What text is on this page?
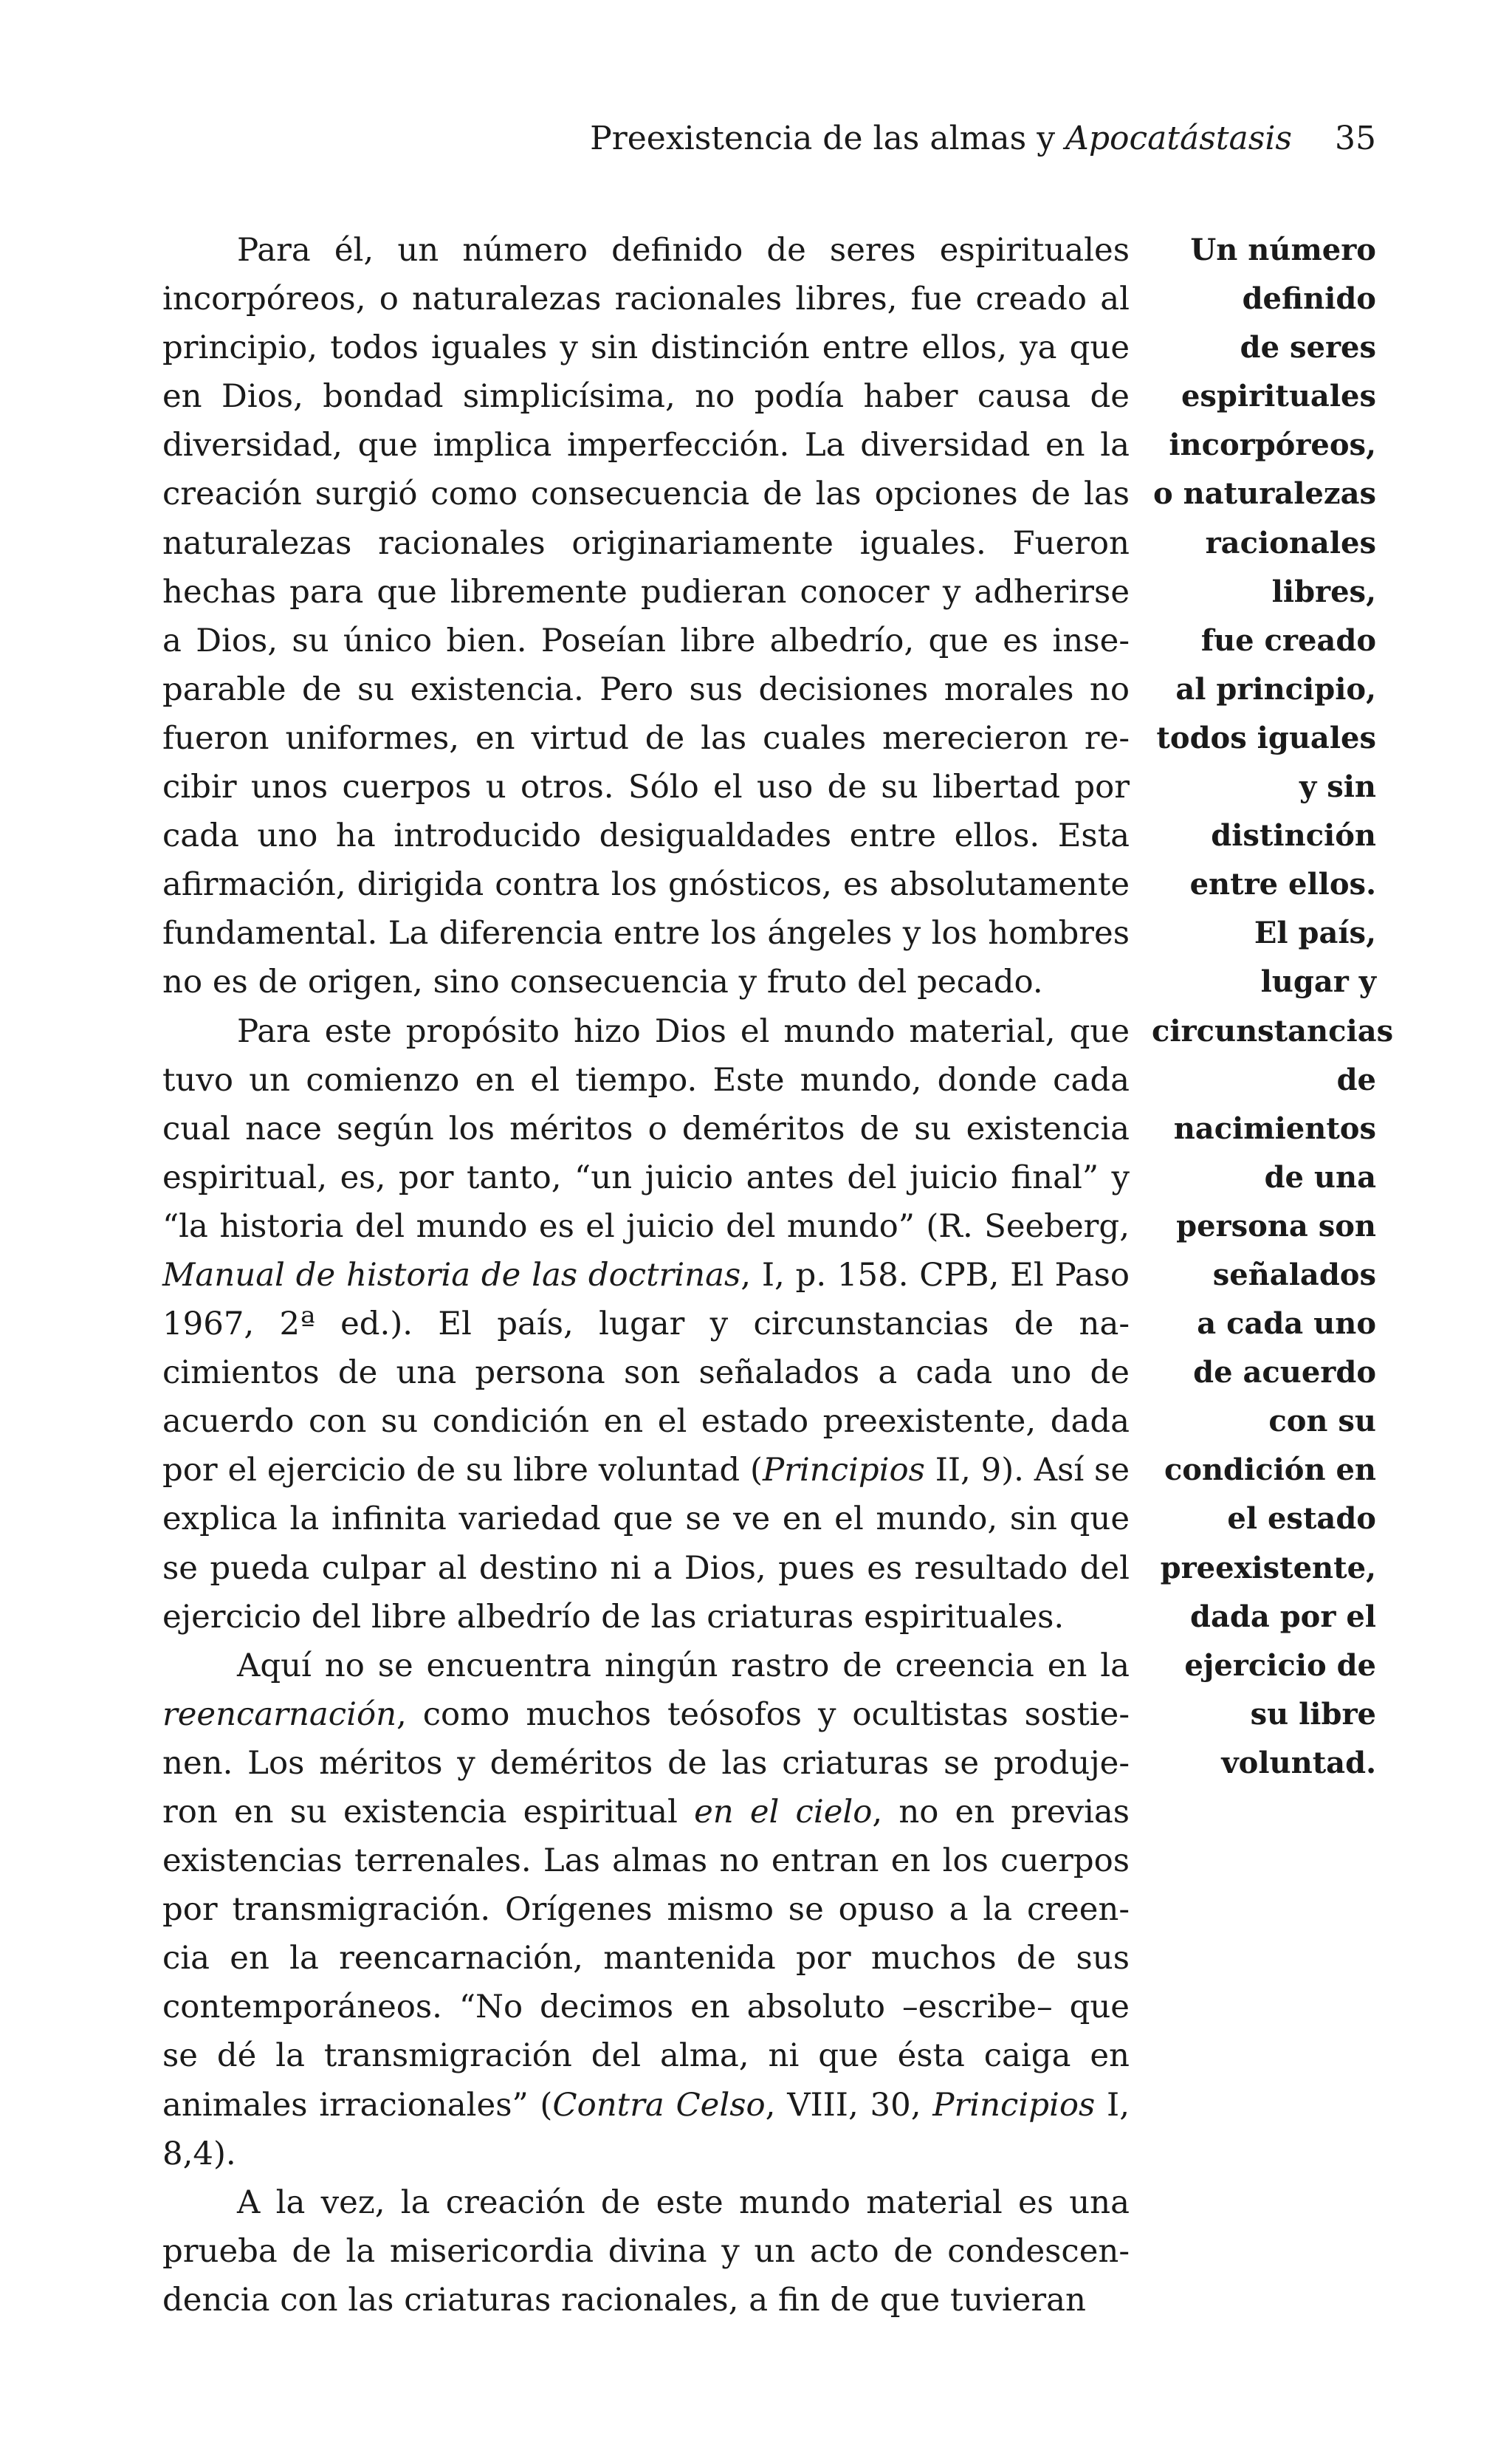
Preexistencia de las almas y Apocatástasis 35

Para él, un número definido de seres espirituales incorpóreos, o naturalezas racionales libres, fue creado al principio, todos iguales y sin distinción entre ellos, ya que en Dios, bondad simplicísima, no podía haber causa de diversidad, que implica imperfección. La diversidad en la creación surgió como consecuencia de las opciones de las naturalezas racionales originariamente iguales. Fueron hechas para que libremente pudieran conocer y adherirse a Dios, su único bien. Poseían libre albedrío, que es inseparable de su existencia. Pero sus decisiones morales no fueron uniformes, en virtud de las cuales merecieron recibir unos cuerpos u otros. Sólo el uso de su libertad por cada uno ha introducido desigualdades entre ellos. Esta afirmación, dirigida contra los gnósticos, es absolutamente fundamental. La diferencia entre los ángeles y los hombres no es de origen, sino consecuencia y fruto del pecado.

Para este propósito hizo Dios el mundo material, que tuvo un comienzo en el tiempo. Este mundo, donde cada cual nace según los méritos o deméritos de su existencia espiritual, es, por tanto, “un juicio antes del juicio final” y “la historia del mundo es el juicio del mundo” (R. Seeberg, Manual de historia de las doctrinas, I, p. 158. CPB, El Paso 1967, 2ª ed.). El país, lugar y circunstancias de nacimientos de una persona son señalados a cada uno de acuerdo con su condición en el estado preexistente, dada por el ejercicio de su libre voluntad (Principios II, 9). Así se explica la infinita variedad que se ve en el mundo, sin que se pueda culpar al destino ni a Dios, pues es resultado del ejercicio del libre albedrío de las criaturas espirituales.

Aquí no se encuentra ningún rastro de creencia en la reencarnación, como muchos teósofos y ocultistas sostienen. Los méritos y deméritos de las criaturas se produjeron en su existencia espiritual en el cielo, no en previas existencias terrenales. Las almas no entran en los cuerpos por transmigración. Orígenes mismo se opuso a la creencia en la reencarnación, mantenida por muchos de sus contemporáneos. “No decimos en absoluto –escribe– que se dé la transmigración del alma, ni que ésta caiga en animales irracionales” (Contra Celso, VIII, 30, Principios I, 8,4).

A la vez, la creación de este mundo material es una prueba de la misericordia divina y un acto de condescendencia con las criaturas racionales, a fin de que tuvieran

Un número
definido
de seres
espirituales
incorpóreos,
o naturalezas
racionales
libres,
fue creado
al principio,
todos iguales
y sin
distinción
entre ellos.
El país,
lugar y
circunstancias
de
nacimientos
de una
persona son
señalados
a cada uno
de acuerdo
con su
condición en
el estado
preexistente,
dada por el
ejercicio de
su libre
voluntad.
